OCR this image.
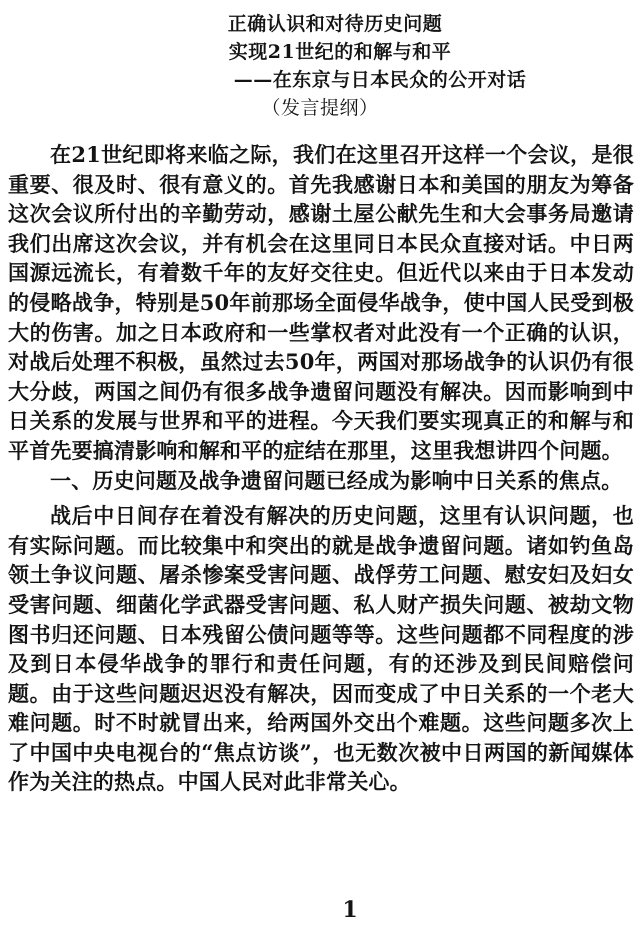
正确认识和对待历史问题
实现21世纪的和解与和平
——在东京与日本民众的公开对话
（发言提纲）

在21世纪即将来临之际，我们在这里召开这样一个会议，是很重要、很及时、很有意义的。首先我感谢日本和美国的朋友为筹备这次会议所付出的辛勤劳动，感谢土屋公献先生和大会事务局邀请我们出席这次会议，并有机会在这里同日本民众直接对话。中日两国源远流长，有着数千年的友好交往史。但近代以来由于日本发动的侵略战争，特别是50年前那场全面侵华战争，使中国人民受到极大的伤害。加之日本政府和一些掌权者对此没有一个正确的认识，对战后处理不积极，虽然过去50年，两国对那场战争的认识仍有很大分歧，两国之间仍有很多战争遗留问题没有解决。因而影响到中日关系的发展与世界和平的进程。今天我们要实现真正的和解与和平首先要搞清影响和解和平的症结在那里，这里我想讲四个问题。

一、历史问题及战争遗留问题已经成为影响中日关系的焦点。

战后中日间存在着没有解决的历史问题，这里有认识问题，也有实际问题。而比较集中和突出的就是战争遗留问题。诸如钓鱼岛领土争议问题、屠杀惨案受害问题、战俘劳工问题、慰安妇及妇女受害问题、细菌化学武器受害问题、私人财产损失问题、被劫文物图书归还问题、日本残留公债问题等等。这些问题都不同程度的涉及到日本侵华战争的罪行和责任问题，有的还涉及到民间赔偿问题。由于这些问题迟迟没有解决，因而变成了中日关系的一个老大难问题。时不时就冒出来，给两国外交出个难题。这些问题多次上了中国中央电视台的“焦点访谈”，也无数次被中日两国的新闻媒体作为关注的热点。中国人民对此非常关心。

1
